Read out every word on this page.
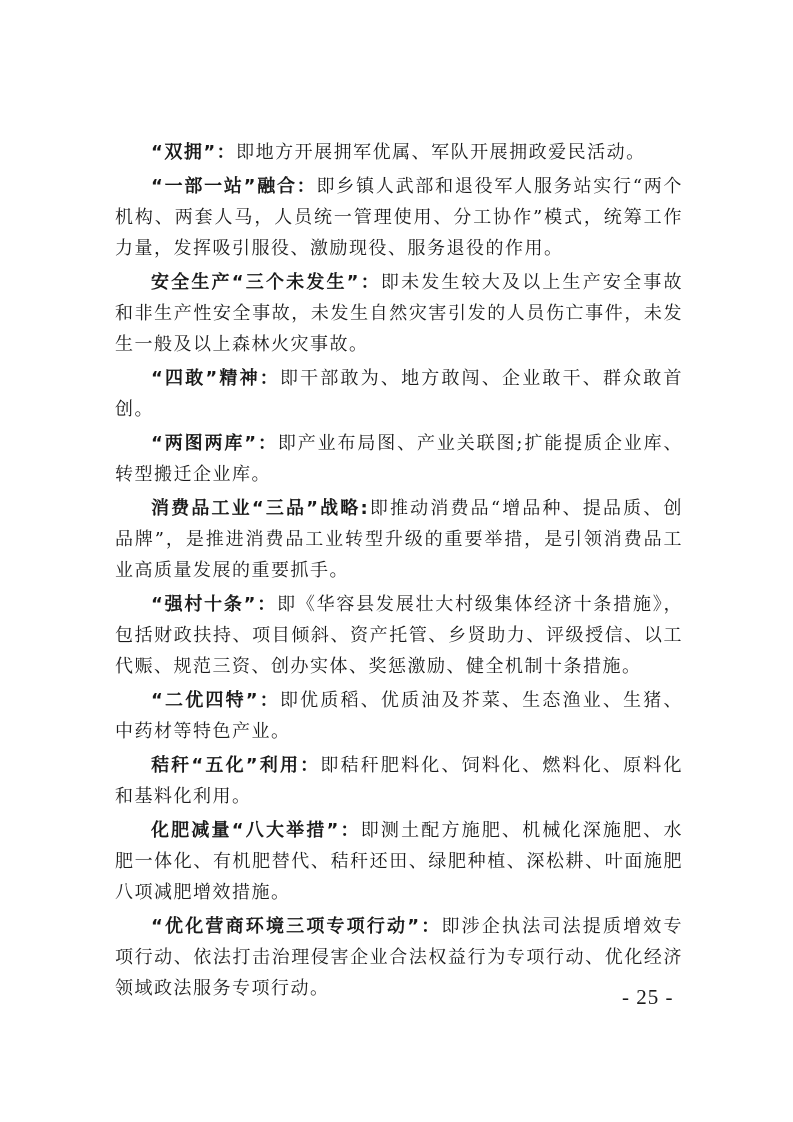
“双拥”：即地方开展拥军优属、军队开展拥政爱民活动。

“一部一站”融合：即乡镇人武部和退役军人服务站实行“两个机构、两套人马，人员统一管理使用、分工协作”模式，统筹工作力量，发挥吸引服役、激励现役、服务退役的作用。

安全生产“三个未发生”：即未发生较大及以上生产安全事故和非生产性安全事故，未发生自然灾害引发的人员伤亡事件，未发生一般及以上森林火灾事故。

“四敢”精神：即干部敢为、地方敢闯、企业敢干、群众敢首创。

“两图两库”：即产业布局图、产业关联图;扩能提质企业库、转型搬迁企业库。

消费品工业“三品”战略:即推动消费品“增品种、提品质、创品牌”，是推进消费品工业转型升级的重要举措，是引领消费品工业高质量发展的重要抓手。

“强村十条”：即《华容县发展壮大村级集体经济十条措施》，包括财政扶持、项目倾斜、资产托管、乡贤助力、评级授信、以工代赈、规范三资、创办实体、奖惩激励、健全机制十条措施。

“二优四特”：即优质稻、优质油及芥菜、生态渔业、生猪、中药材等特色产业。

秸秆“五化”利用：即秸秆肥料化、饲料化、燃料化、原料化和基料化利用。

化肥减量“八大举措”：即测土配方施肥、机械化深施肥、水肥一体化、有机肥替代、秸秆还田、绿肥种植、深松耕、叶面施肥八项减肥增效措施。

“优化营商环境三项专项行动”：即涉企执法司法提质增效专项行动、依法打击治理侵害企业合法权益行为专项行动、优化经济领域政法服务专项行动。	- 25 -
